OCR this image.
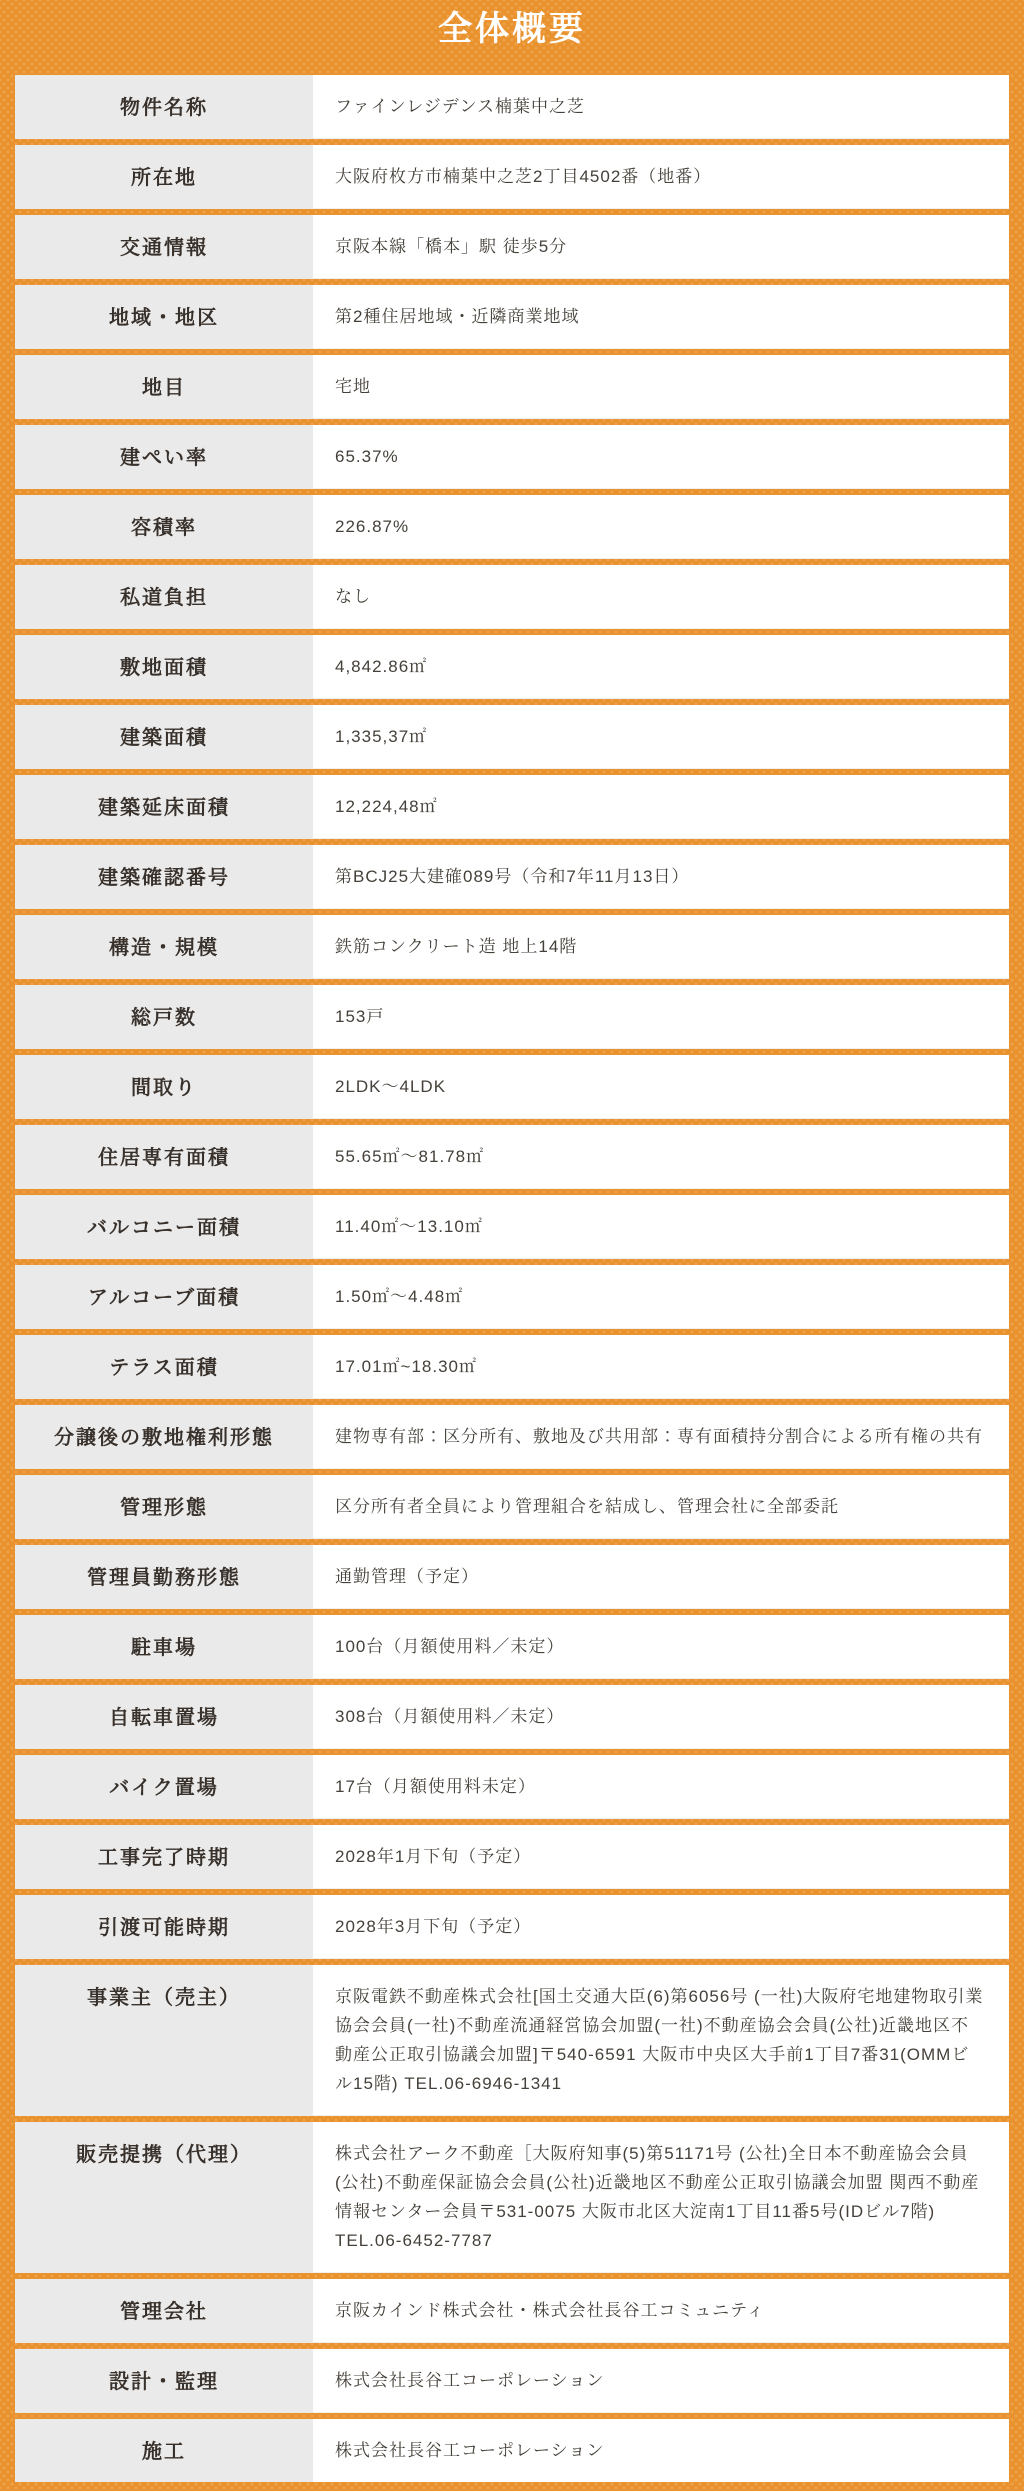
全体概要
物件名称	ファインレジデンス楠葉中之芝
所在地	大阪府枚方市楠葉中之芝2丁目4502番（地番）
交通情報	京阪本線「橋本」駅 徒歩5分
地域・地区	第2種住居地域・近隣商業地域
地目	宅地
建ぺい率	65.37%
容積率	226.87%
私道負担	なし
敷地面積	4,842.86㎡
建築面積	1,335,37㎡
建築延床面積	12,224,48㎡
建築確認番号	第BCJ25大建確089号（令和7年11月13日）
構造・規模	鉄筋コンクリート造 地上14階
総戸数	153戸
間取り	2LDK〜4LDK
住居専有面積	55.65㎡〜81.78㎡
バルコニー面積	11.40㎡〜13.10㎡
アルコーブ面積	1.50㎡〜4.48㎡
テラス面積	17.01㎡~18.30㎡
分譲後の敷地権利形態	建物専有部：区分所有、敷地及び共用部：専有面積持分割合による所有権の共有
管理形態	区分所有者全員により管理組合を結成し、管理会社に全部委託
管理員勤務形態	通勤管理（予定）
駐車場	100台（月額使用料／未定）
自転車置場	308台（月額使用料／未定）
バイク置場	17台（月額使用料未定）
工事完了時期	2028年1月下旬（予定）
引渡可能時期	2028年3月下旬（予定）
事業主（売主）	京阪電鉄不動産株式会社[国土交通大臣(6)第6056号 (一社)大阪府宅地建物取引業協会会員(一社)不動産流通経営協会加盟(一社)不動産協会会員(公社)近畿地区不動産公正取引協議会加盟]〒540-6591 大阪市中央区大手前1丁目7番31(OMMビル15階) TEL.06-6946-1341
販売提携（代理）	株式会社アーク不動産［大阪府知事(5)第51171号 (公社)全日本不動産協会会員(公社)不動産保証協会会員(公社)近畿地区不動産公正取引協議会加盟 関西不動産情報センター会員〒531-0075 大阪市北区大淀南1丁目11番5号(IDビル7階) TEL.06-6452-7787
管理会社	京阪カインド株式会社・株式会社長谷工コミュニティ
設計・監理	株式会社長谷工コーポレーション
施工	株式会社長谷工コーポレーション
